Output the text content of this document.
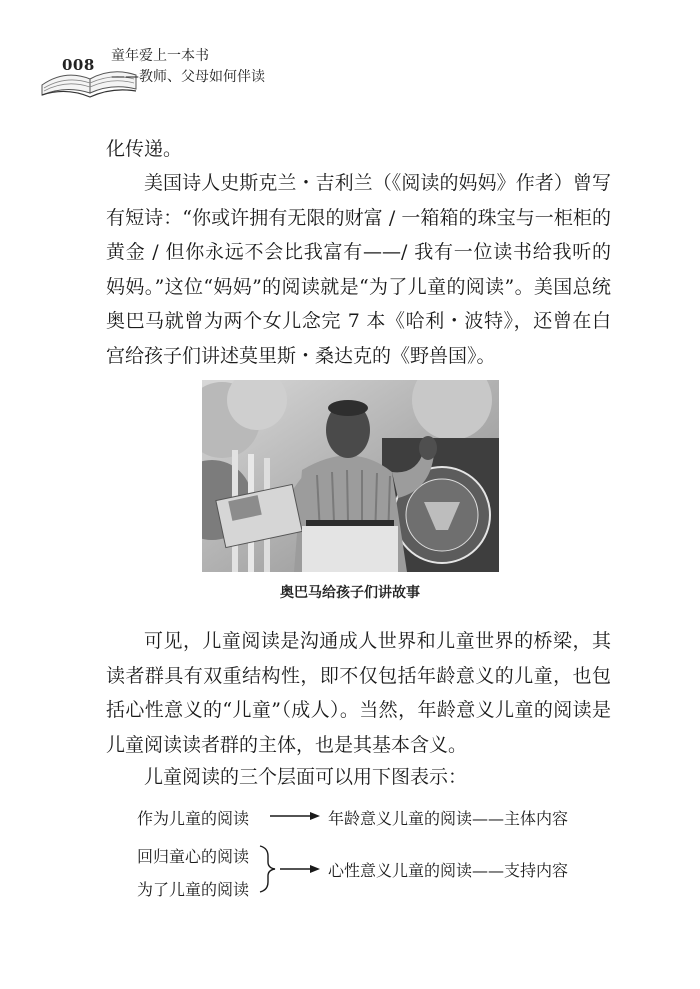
008 童年爱上一本书
——教师、父母如何伴读

化传递。

美国诗人史斯克兰・吉利兰（《阅读的妈妈》作者）曾写有短诗：“你或许拥有无限的财富 / 一箱箱的珠宝与一柜柜的黄金 / 但你永远不会比我富有——/ 我有一位读书给我听的妈妈。”这位“妈妈”的阅读就是“为了儿童的阅读”。美国总统奥巴马就曾为两个女儿念完 7 本《哈利・波特》，还曾在白宫给孩子们讲述莫里斯・桑达克的《野兽国》。

奥巴马给孩子们讲故事

可见，儿童阅读是沟通成人世界和儿童世界的桥梁，其读者群具有双重结构性，即不仅包括年龄意义的儿童，也包括心性意义的“儿童”（成人）。当然，年龄意义儿童的阅读是儿童阅读读者群的主体，也是其基本含义。

儿童阅读的三个层面可以用下图表示：

作为儿童的阅读
回归童心的阅读
为了儿童的阅读
年龄意义儿童的阅读——主体内容
心性意义儿童的阅读——支持内容
